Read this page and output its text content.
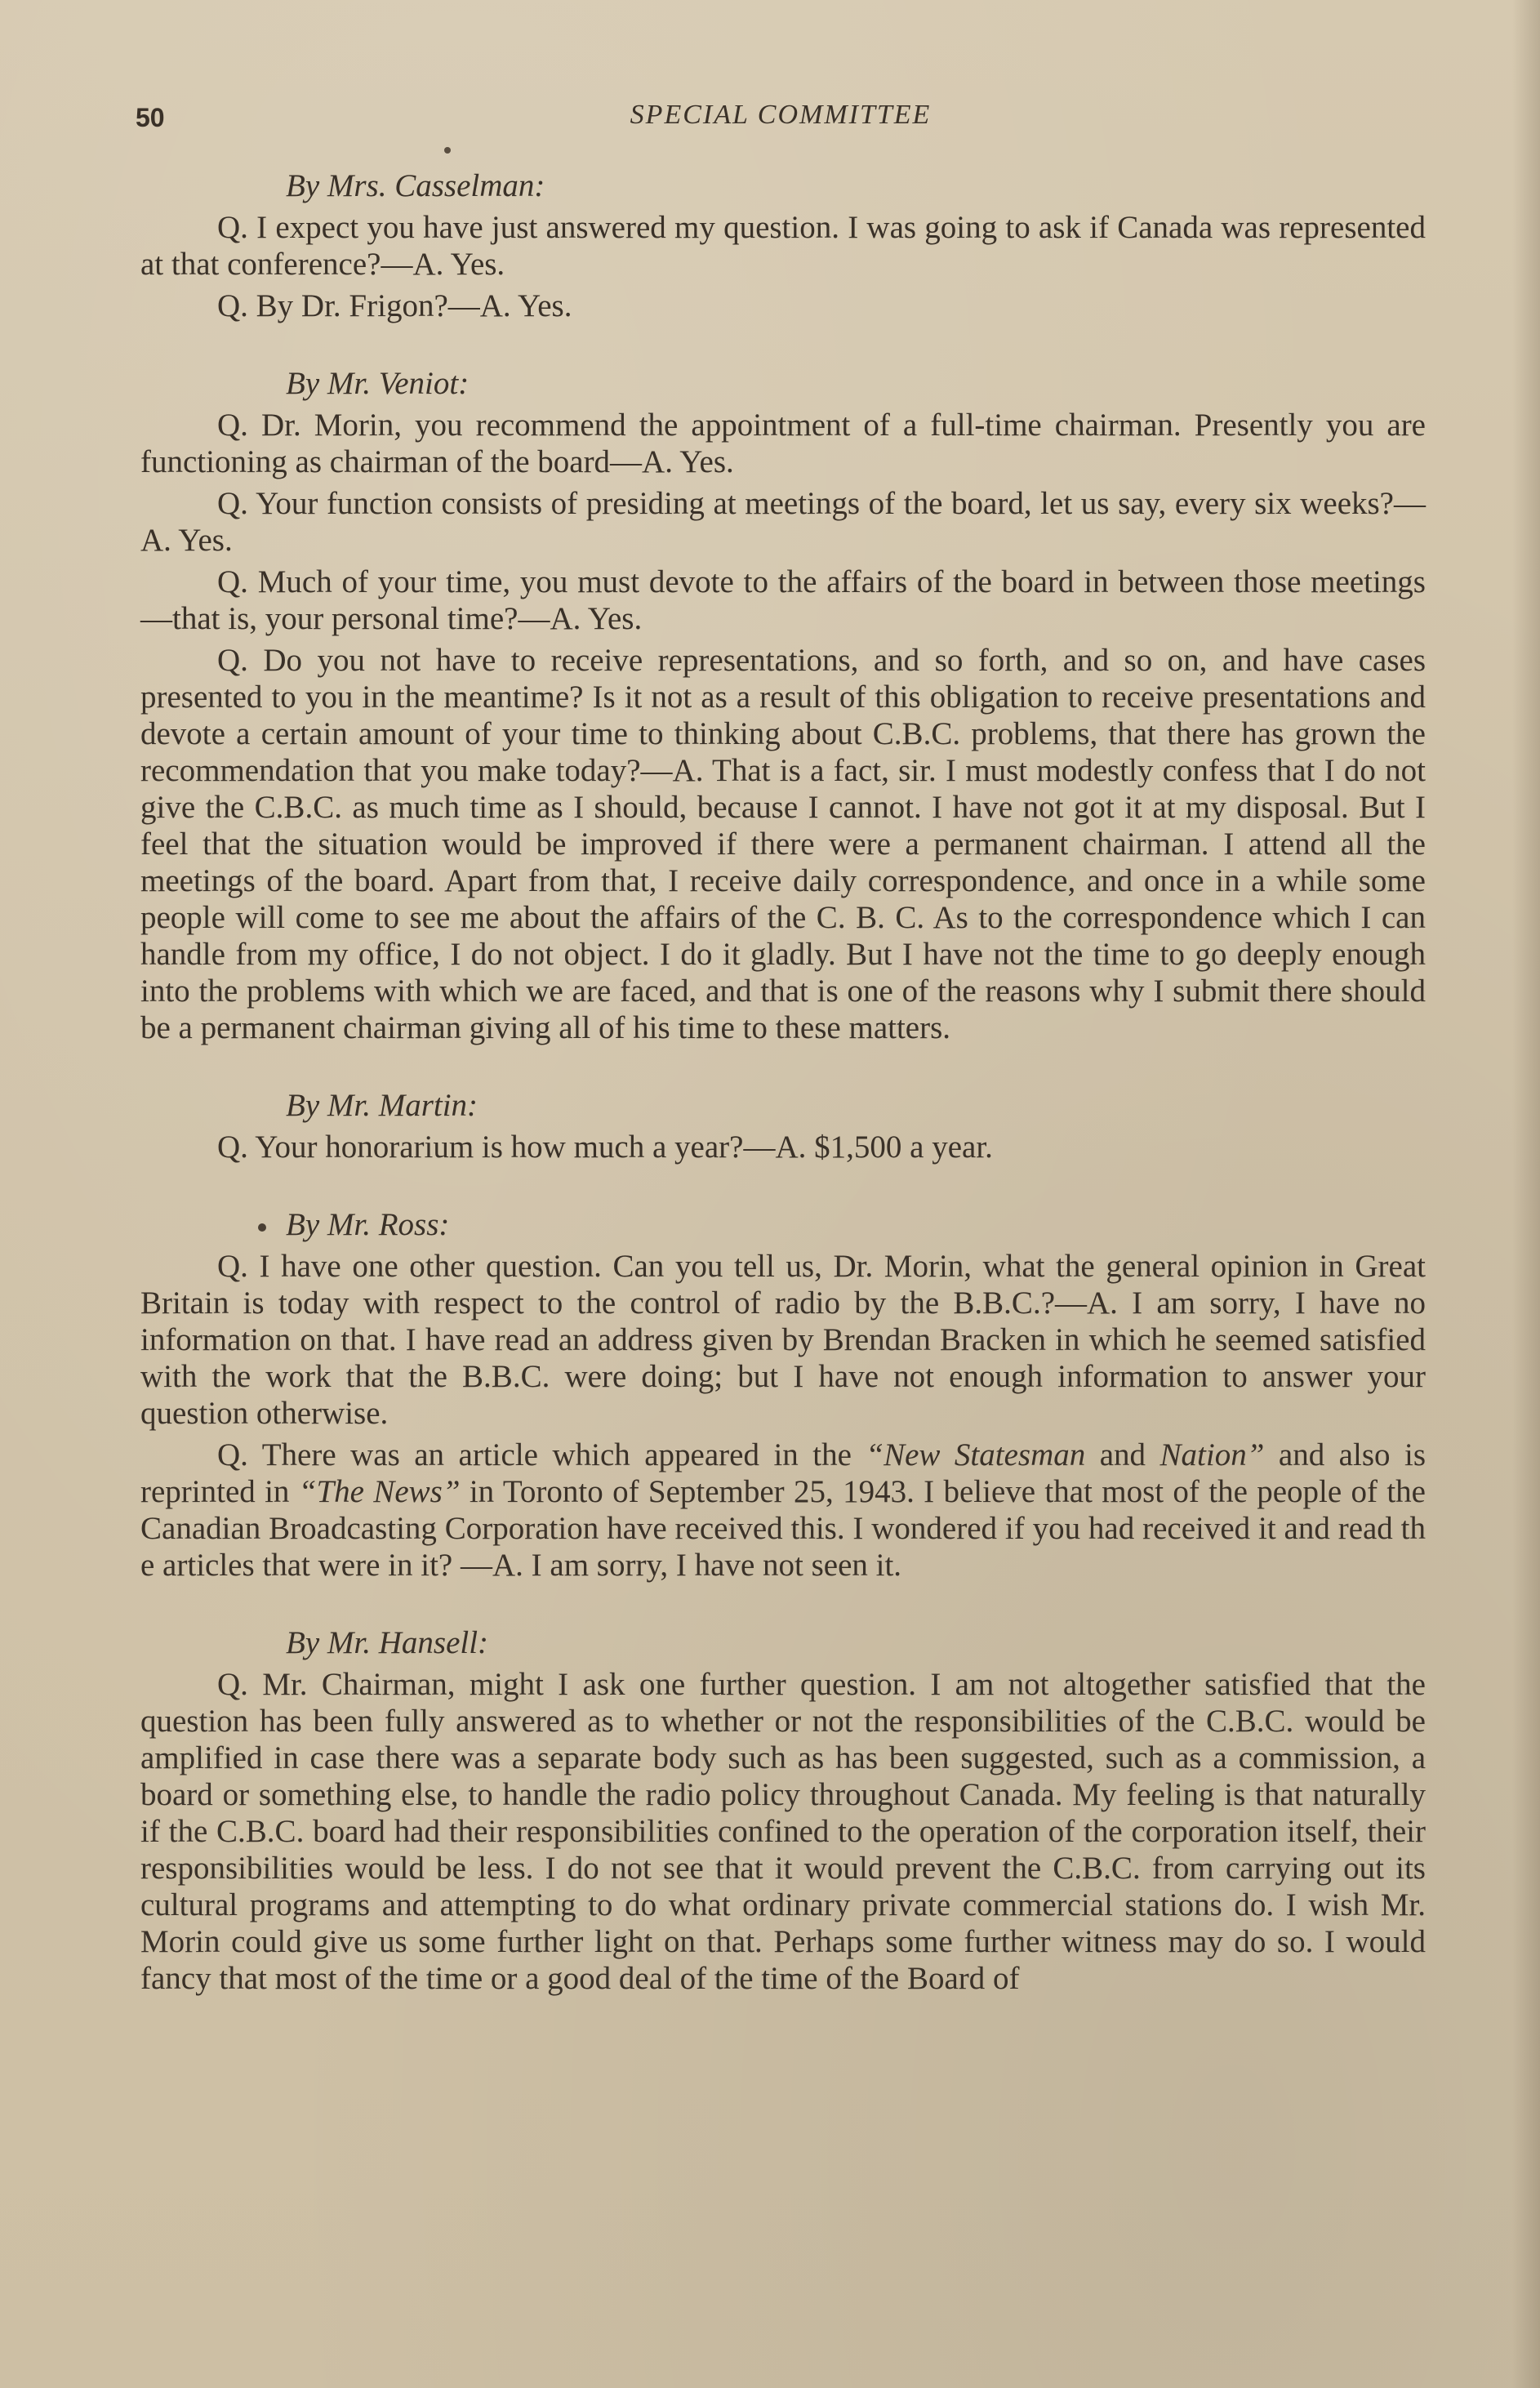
50	SPECIAL COMMITTEE
By Mrs. Casselman:

Q. I expect you have just answered my question. I was going to ask if Canada was represented at that conference?—A. Yes.

Q. By Dr. Frigon?—A. Yes.

By Mr. Veniot:

Q. Dr. Morin, you recommend the appointment of a full-time chairman. Presently you are functioning as chairman of the board—A. Yes.

Q. Your function consists of presiding at meetings of the board, let us say, every six weeks?—A. Yes.

Q. Much of your time, you must devote to the affairs of the board in between those meetings—that is, your personal time?—A. Yes.

Q. Do you not have to receive representations, and so forth, and so on, and have cases presented to you in the meantime? Is it not as a result of this obligation to receive presentations and devote a certain amount of your time to thinking about C.B.C. problems, that there has grown the recommendation that you make today?—A. That is a fact, sir. I must modestly confess that I do not give the C.B.C. as much time as I should, because I cannot. I have not got it at my disposal. But I feel that the situation would be improved if there were a permanent chairman. I attend all the meetings of the board. Apart from that, I receive daily correspondence, and once in a while some people will come to see me about the affairs of the C. B. C. As to the correspondence which I can handle from my office, I do not object. I do it gladly. But I have not the time to go deeply enough into the problems with which we are faced, and that is one of the reasons why I submit there should be a permanent chairman giving all of his time to these matters.

By Mr. Martin:

Q. Your honorarium is how much a year?—A. $1,500 a year.

By Mr. Ross:

Q. I have one other question. Can you tell us, Dr. Morin, what the general opinion in Great Britain is today with respect to the control of radio by the B.B.C.?—A. I am sorry, I have no information on that. I have read an address given by Brendan Bracken in which he seemed satisfied with the work that the B.B.C. were doing; but I have not enough information to answer your question otherwise.

Q. There was an article which appeared in the “New Statesman and Nation” and also is reprinted in “The News” in Toronto of September 25, 1943. I believe that most of the people of the Canadian Broadcasting Corporation have received this. I wondered if you had received it and read th e articles that were in it? —A. I am sorry, I have not seen it.

By Mr. Hansell:

Q. Mr. Chairman, might I ask one further question. I am not altogether satisfied that the question has been fully answered as to whether or not the responsibilities of the C.B.C. would be amplified in case there was a separate body such as has been suggested, such as a commission, a board or something else, to handle the radio policy throughout Canada. My feeling is that naturally if the C.B.C. board had their responsibilities confined to the operation of the corporation itself, their responsibilities would be less. I do not see that it would prevent the C.B.C. from carrying out its cultural programs and attempting to do what ordinary private commercial stations do. I wish Mr. Morin could give us some further light on that. Perhaps some further witness may do so. I would fancy that most of the time or a good deal of the time of the Board of
